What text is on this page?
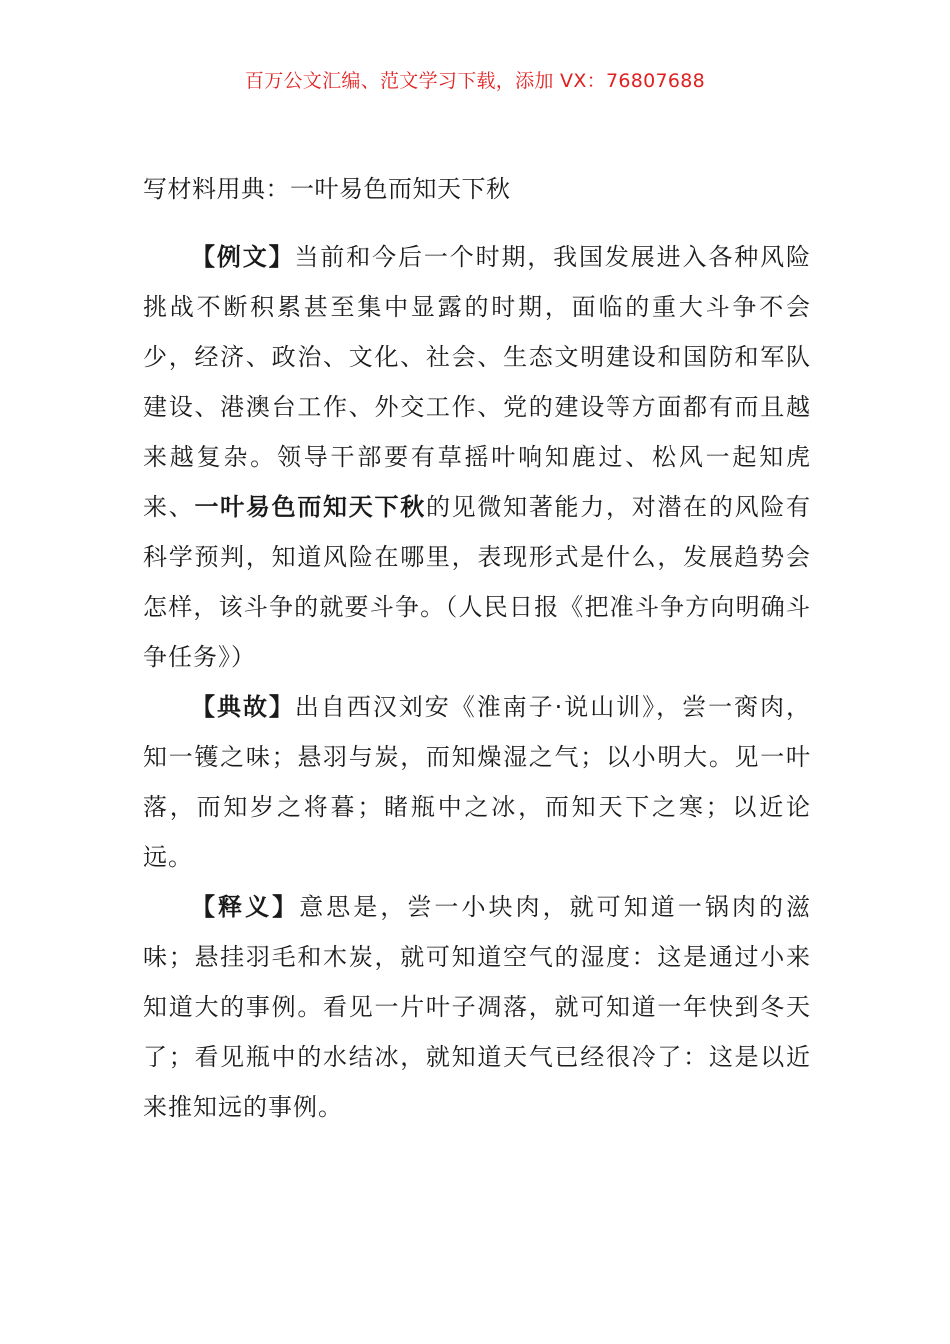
百万公文汇编、范文学习下载，添加 VX：76807688
写材料用典：一叶易色而知天下秋

【例文】当前和今后一个时期，我国发展进入各种风险挑战不断积累甚至集中显露的时期，面临的重大斗争不会少，经济、政治、文化、社会、生态文明建设和国防和军队建设、港澳台工作、外交工作、党的建设等方面都有而且越来越复杂。领导干部要有草摇叶响知鹿过、松风一起知虎来、一叶易色而知天下秋的见微知著能力，对潜在的风险有科学预判，知道风险在哪里，表现形式是什么，发展趋势会怎样，该斗争的就要斗争。（人民日报《把准斗争方向明确斗争任务》）

【典故】出自西汉刘安《淮南子·说山训》，尝一脔肉，知一镬之味；悬羽与炭，而知燥湿之气；以小明大。见一叶落，而知岁之将暮；睹瓶中之冰，而知天下之寒；以近论远。

【释义】意思是，尝一小块肉，就可知道一锅肉的滋味；悬挂羽毛和木炭，就可知道空气的湿度：这是通过小来知道大的事例。看见一片叶子凋落，就可知道一年快到冬天了；看见瓶中的水结冰，就知道天气已经很冷了：这是以近来推知远的事例。
